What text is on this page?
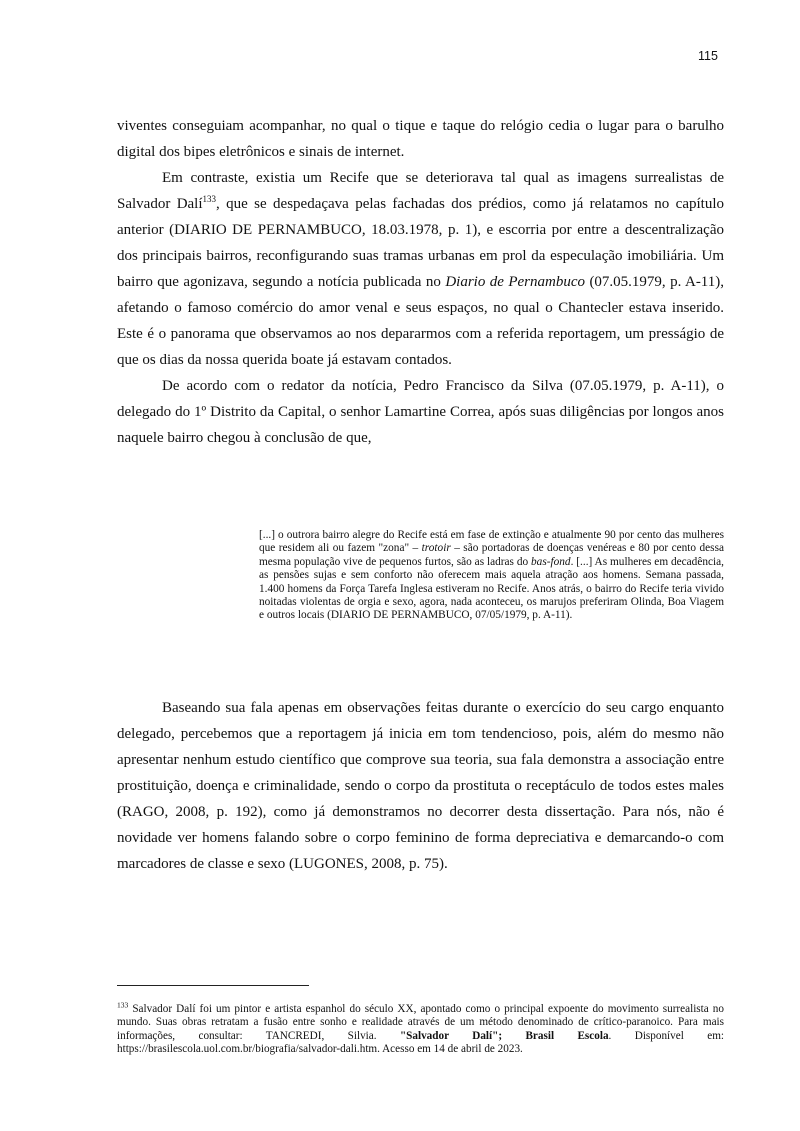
115

viventes conseguiam acompanhar, no qual o tique e taque do relógio cedia o lugar para o barulho digital dos bipes eletrônicos e sinais de internet.

Em contraste, existia um Recife que se deteriorava tal qual as imagens surrealistas de Salvador Dalí$^{133}$, que se despedaçava pelas fachadas dos prédios, como já relatamos no capítulo anterior (DIARIO DE PERNAMBUCO, 18.03.1978, p. 1), e escorria por entre a descentralização dos principais bairros, reconfigurando suas tramas urbanas em prol da especulação imobiliária. Um bairro que agonizava, segundo a notícia publicada no Diario de Pernambuco (07.05.1979, p. A-11), afetando o famoso comércio do amor venal e seus espaços, no qual o Chantecler estava inserido. Este é o panorama que observamos ao nos depararmos com a referida reportagem, um presságio de que os dias da nossa querida boate já estavam contados.

De acordo com o redator da notícia, Pedro Francisco da Silva (07.05.1979, p. A-11), o delegado do 1º Distrito da Capital, o senhor Lamartine Correa, após suas diligências por longos anos naquele bairro chegou à conclusão de que,

[...] o outrora bairro alegre do Recife está em fase de extinção e atualmente 90 por cento das mulheres que residem ali ou fazem "zona" – trotoir – são portadoras de doenças venéreas e 80 por cento dessa mesma população vive de pequenos furtos, são as ladras do bas-fond. [...] As mulheres em decadência, as pensões sujas e sem conforto não oferecem mais aquela atração aos homens. Semana passada, 1.400 homens da Força Tarefa Inglesa estiveram no Recife. Anos atrás, o bairro do Recife teria vivido noitadas violentas de orgia e sexo, agora, nada aconteceu, os marujos preferiram Olinda, Boa Viagem e outros locais (DIARIO DE PERNAMBUCO, 07/05/1979, p. A-11).

Baseando sua fala apenas em observações feitas durante o exercício do seu cargo enquanto delegado, percebemos que a reportagem já inicia em tom tendencioso, pois, além do mesmo não apresentar nenhum estudo científico que comprove sua teoria, sua fala demonstra a associação entre prostituição, doença e criminalidade, sendo o corpo da prostituta o receptáculo de todos estes males (RAGO, 2008, p. 192), como já demonstramos no decorrer desta dissertação. Para nós, não é novidade ver homens falando sobre o corpo feminino de forma depreciativa e demarcando-o com marcadores de classe e sexo (LUGONES, 2008, p. 75).

$^{133}$ Salvador Dalí foi um pintor e artista espanhol do século XX, apontado como o principal expoente do movimento surrealista no mundo. Suas obras retratam a fusão entre sonho e realidade através de um método denominado de crítico-paranoico. Para mais informações, consultar: TANCREDI, Silvia. "Salvador Dalí"; Brasil Escola. Disponível em: https://brasilescola.uol.com.br/biografia/salvador-dali.htm. Acesso em 14 de abril de 2023.
